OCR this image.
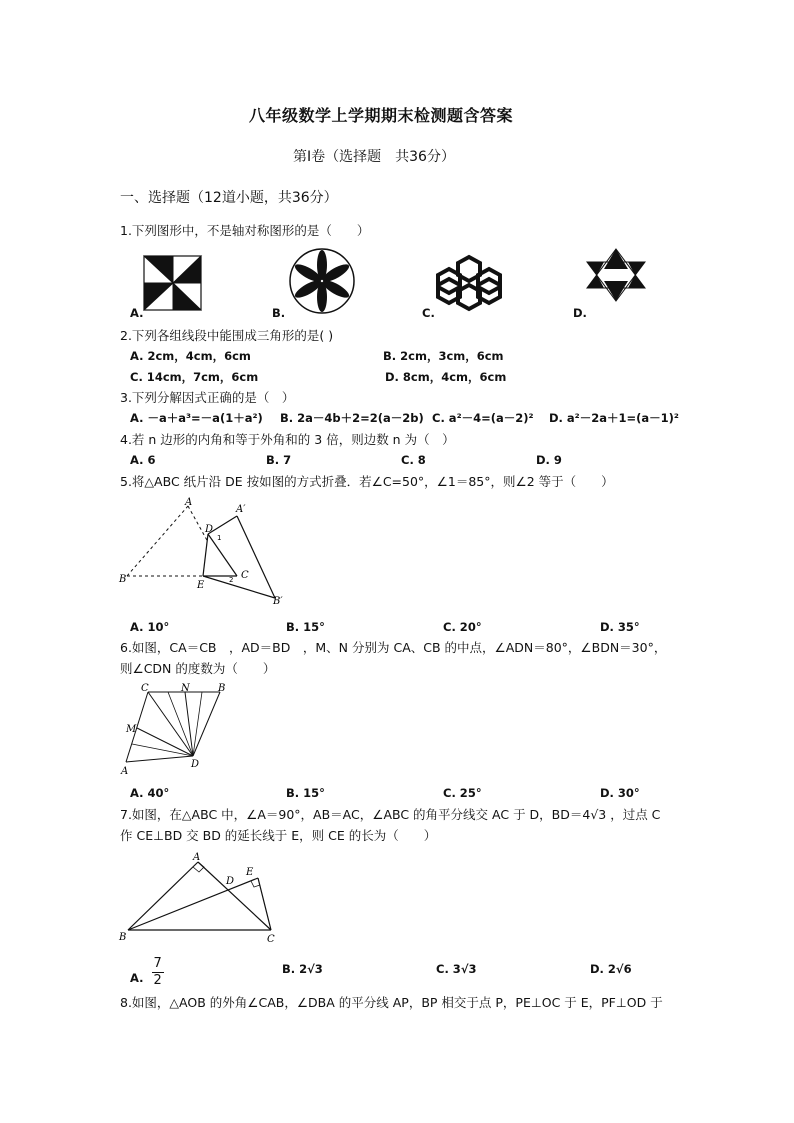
八年级数学上学期期末检测题含答案
第Ⅰ卷（选择题　共36分）
一、选择题（12道小题，共36分）
1.下列图形中，不是轴对称图形的是（　　）
A.	B.	C.	D.
2.下列各组线段中能围成三角形的是( )
A. 2cm，4cm，6cm	B. 2cm，3cm，6cm
C. 14cm，7cm，6cm	D. 8cm，4cm，6cm
3.下列分解因式正确的是（　）
A. －a＋a³=－a(1＋a²) B. 2a－4b＋2=2(a－2b) C. a²－4=(a－2)² D. a²－2a＋1=(a－1)²
4.若 n 边形的内角和等于外角和的 3 倍，则边数 n 为（　）
A. 6	B. 7	C. 8	D. 9
5.将△ABC 纸片沿 DE 按如图的方式折叠．若∠C=50°，∠1＝85°，则∠2 等于（　　）
A
A′
D
1
B
E	2 C
B′
A. 10°	B. 15°	C. 20°	D. 35°
6.如图，CA＝CB　，AD＝BD　，M、N 分别为 CA、CB 的中点，∠ADN＝80°，∠BDN＝30°，
则∠CDN 的度数为（　　）
C	N	B
M
A
D
A. 40°	B. 15°	C. 25°	D. 30°
7.如图，在△ABC 中，∠A＝90°，AB＝AC，∠ABC 的角平分线交 AC 于 D，BD＝4√3 ，过点 C
作 CE⊥BD 交 BD 的延长线于 E，则 CE 的长为（　　）
A
E
D
B	C
A. $\frac{7}{2}$	B. 2√3	C. 3√3	D. 2√6
8.如图，△AOB 的外角∠CAB，∠DBA 的平分线 AP，BP 相交于点 P，PE⊥OC 于 E，PF⊥OD 于
